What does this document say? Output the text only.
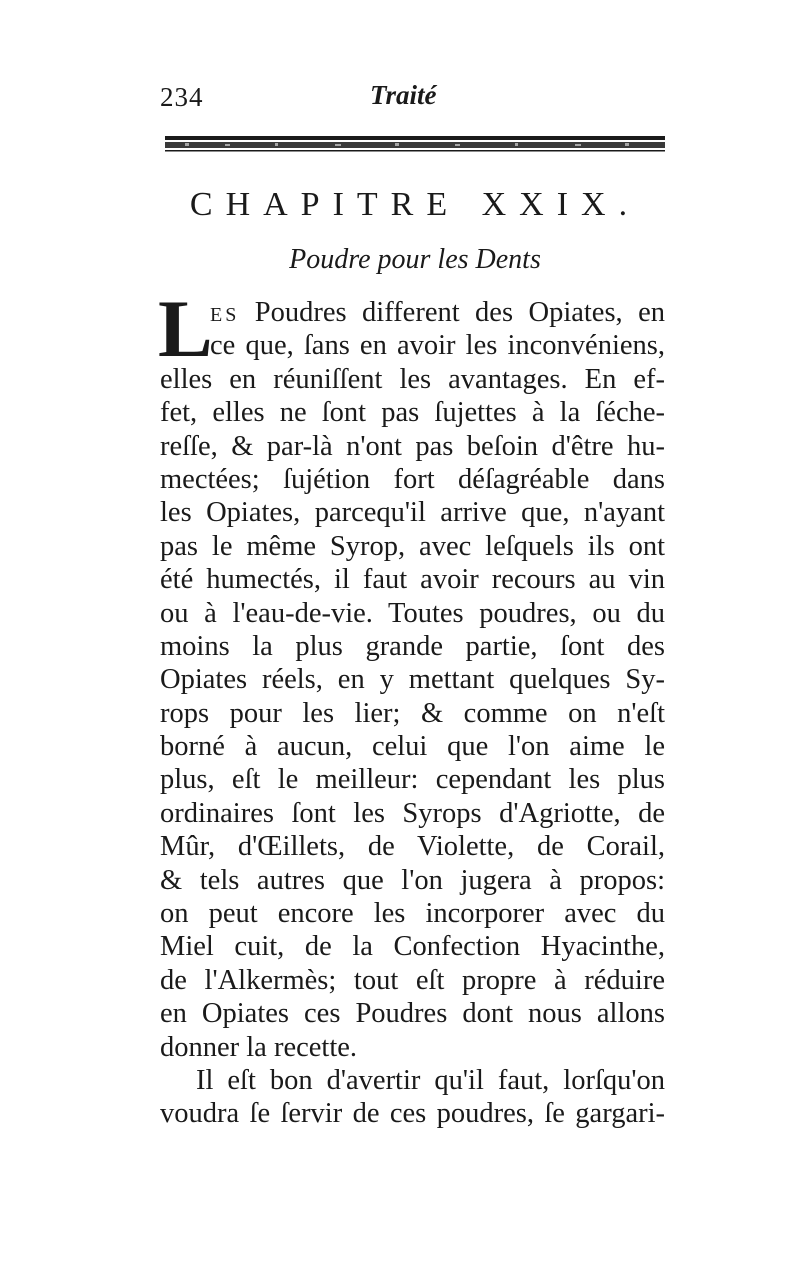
234	Traité
CHAPITRE XXIX.
Poudre pour les Dents
L
ES Poudres different des Opiates, en
ce que, ſans en avoir les inconvéniens,
elles en réuniſſent les avantages. En ef-
fet, elles ne ſont pas ſujettes à la ſéche-
reſſe, & par-là n'ont pas beſoin d'être hu-
mectées; ſujétion fort déſagréable dans
les Opiates, parcequ'il arrive que, n'ayant
pas le même Syrop, avec leſquels ils ont
été humectés, il faut avoir recours au vin
ou à l'eau-de-vie. Toutes poudres, ou du
moins la plus grande partie, ſont des
Opiates réels, en y mettant quelques Sy-
rops pour les lier; & comme on n'eſt
borné à aucun, celui que l'on aime le
plus, eſt le meilleur: cependant les plus
ordinaires ſont les Syrops d'Agriotte, de
Mûr, d'Œillets, de Violette, de Corail,
& tels autres que l'on jugera à propos:
on peut encore les incorporer avec du
Miel cuit, de la Confection Hyacinthe,
de l'Alkermès; tout eſt propre à réduire
en Opiates ces Poudres dont nous allons
donner la recette.
Il eſt bon d'avertir qu'il faut, lorſqu'on
voudra ſe ſervir de ces poudres, ſe gargari-
